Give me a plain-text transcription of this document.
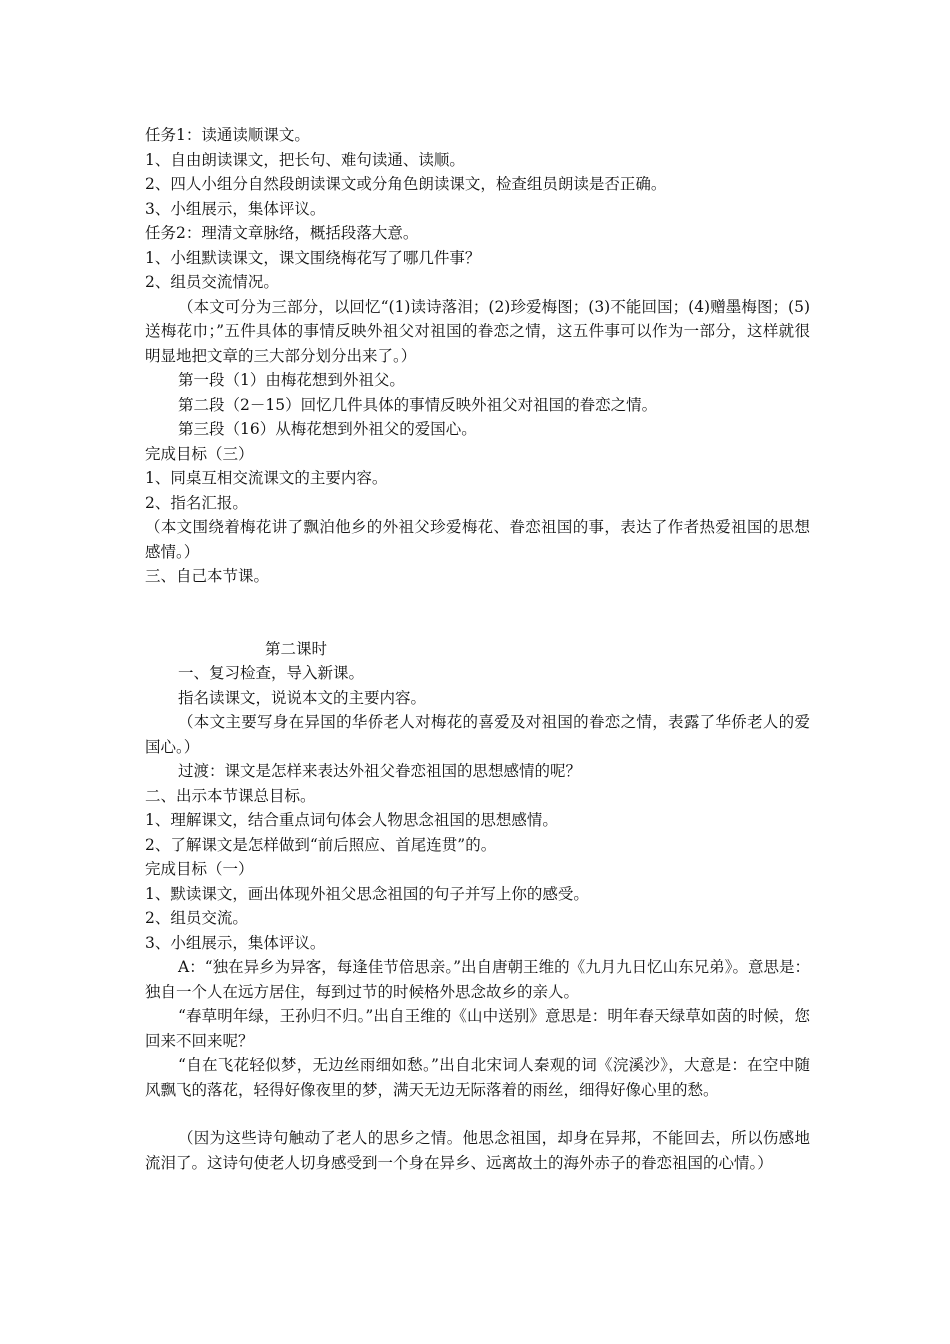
任务1：读通读顺课文。

1、自由朗读课文，把长句、难句读通、读顺。

2、四人小组分自然段朗读课文或分角色朗读课文，检查组员朗读是否正确。

3、小组展示，集体评议。

任务2：理清文章脉络，概括段落大意。

1、小组默读课文，课文围绕梅花写了哪几件事？

2、组员交流情况。

（本文可分为三部分，以回忆“(1)读诗落泪；(2)珍爱梅图；(3)不能回国；(4)赠墨梅图；(5)送梅花巾；”五件具体的事情反映外祖父对祖国的眷恋之情，这五件事可以作为一部分，这样就很明显地把文章的三大部分划分出来了。）

第一段（1）由梅花想到外祖父。

第二段（2－15）回忆几件具体的事情反映外祖父对祖国的眷恋之情。

第三段（16）从梅花想到外祖父的爱国心。

完成目标（三）

1、同桌互相交流课文的主要内容。

2、指名汇报。

（本文围绕着梅花讲了飘泊他乡的外祖父珍爱梅花、眷恋祖国的事，表达了作者热爱祖国的思想感情。）

三、自己本节课。

第二课时

一、复习检查，导入新课。

指名读课文，说说本文的主要内容。

（本文主要写身在异国的华侨老人对梅花的喜爱及对祖国的眷恋之情，表露了华侨老人的爱国心。）

过渡：课文是怎样来表达外祖父眷恋祖国的思想感情的呢？

二、出示本节课总目标。

1、理解课文，结合重点词句体会人物思念祖国的思想感情。

2、了解课文是怎样做到“前后照应、首尾连贯”的。

完成目标（一）

1、默读课文，画出体现外祖父思念祖国的句子并写上你的感受。

2、组员交流。

3、小组展示，集体评议。

A：“独在异乡为异客，每逢佳节倍思亲。”出自唐朝王维的《九月九日忆山东兄弟》。意思是：独自一个人在远方居住，每到过节的时候格外思念故乡的亲人。

“春草明年绿，王孙归不归。”出自王维的《山中送别》意思是：明年春天绿草如茵的时候，您回来不回来呢？

“自在飞花轻似梦，无边丝雨细如愁。”出自北宋词人秦观的词《浣溪沙》，大意是：在空中随风飘飞的落花，轻得好像夜里的梦，满天无边无际落着的雨丝，细得好像心里的愁。

（因为这些诗句触动了老人的思乡之情。他思念祖国，却身在异邦，不能回去，所以伤感地流泪了。这诗句使老人切身感受到一个身在异乡、远离故土的海外赤子的眷恋祖国的心情。）
